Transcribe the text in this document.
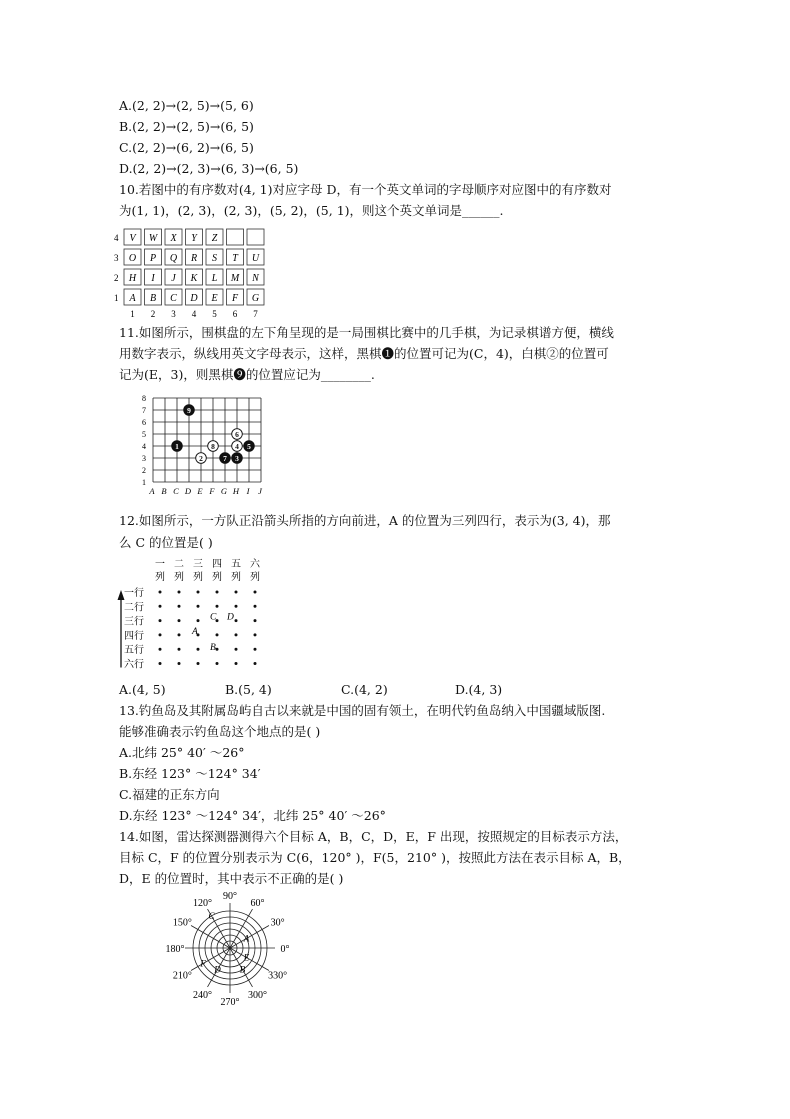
A.(2, 2)→(2, 5)→(5, 6)
B.(2, 2)→(2, 5)→(6, 5)
C.(2, 2)→(6, 2)→(6, 5)
D.(2, 2)→(2, 3)→(6, 3)→(6, 5)
10.若图中的有序数对(4, 1)对应字母 D，有一个英文单词的字母顺序对应图中的有序数对
为(1, 1)，(2, 3)，(2, 3)，(5, 2)，(5, 1)，则这个英文单词是______.
4 V W X Y Z
3 O P Q R S T U
2 H I J K L M N
1 A B C D E F G
1 2 3 4 5 6 7
11.如图所示，围棋盘的左下角呈现的是一局围棋比赛中的几手棋，为记录棋谱方便，横线
用数字表示，纵线用英文字母表示，这样，黑棋❶的位置可记为(C，4)，白棋②的位置可
记为(E，3)，则黑棋❾的位置应记为________.
1
2
3
4
5
6
7
8
A B C D E F G H I J
1
2	3
4 5
6
7
8
9
12.如图所示，一方队正沿箭头所指的方向前进，A 的位置为三列四行，表示为(3, 4)，那
么 C 的位置是( )
一
列
二
列
三
列
四
列
五
列
六
列
一行
二行
三行
四行
五行
六行
A
B
C D
A.(4, 5)	B.(5, 4)	C.(4, 2)	D.(4, 3)
13.钓鱼岛及其附属岛屿自古以来就是中国的固有领土，在明代钓鱼岛纳入中国疆域版图.
能够准确表示钓鱼岛这个地点的是( )
A.北纬 25° 40′ ～26°
B.东经 123° ～124° 34′
C.福建的正东方向
D.东经 123° ～124° 34′，北纬 25° 40′ ～26°
14.如图，雷达探测器测得六个目标 A，B，C，D，E，F 出现，按照规定的目标表示方法，
目标 C，F 的位置分别表示为 C(6，120° )，F(5，210° )，按照此方法在表示目标 A，B，
D，E 的位置时，其中表示不正确的是( )
90°
60°
30°
0°
330°
300°
270°
240°
210°
180°
150°
120°
A
B
C
D
E
F
